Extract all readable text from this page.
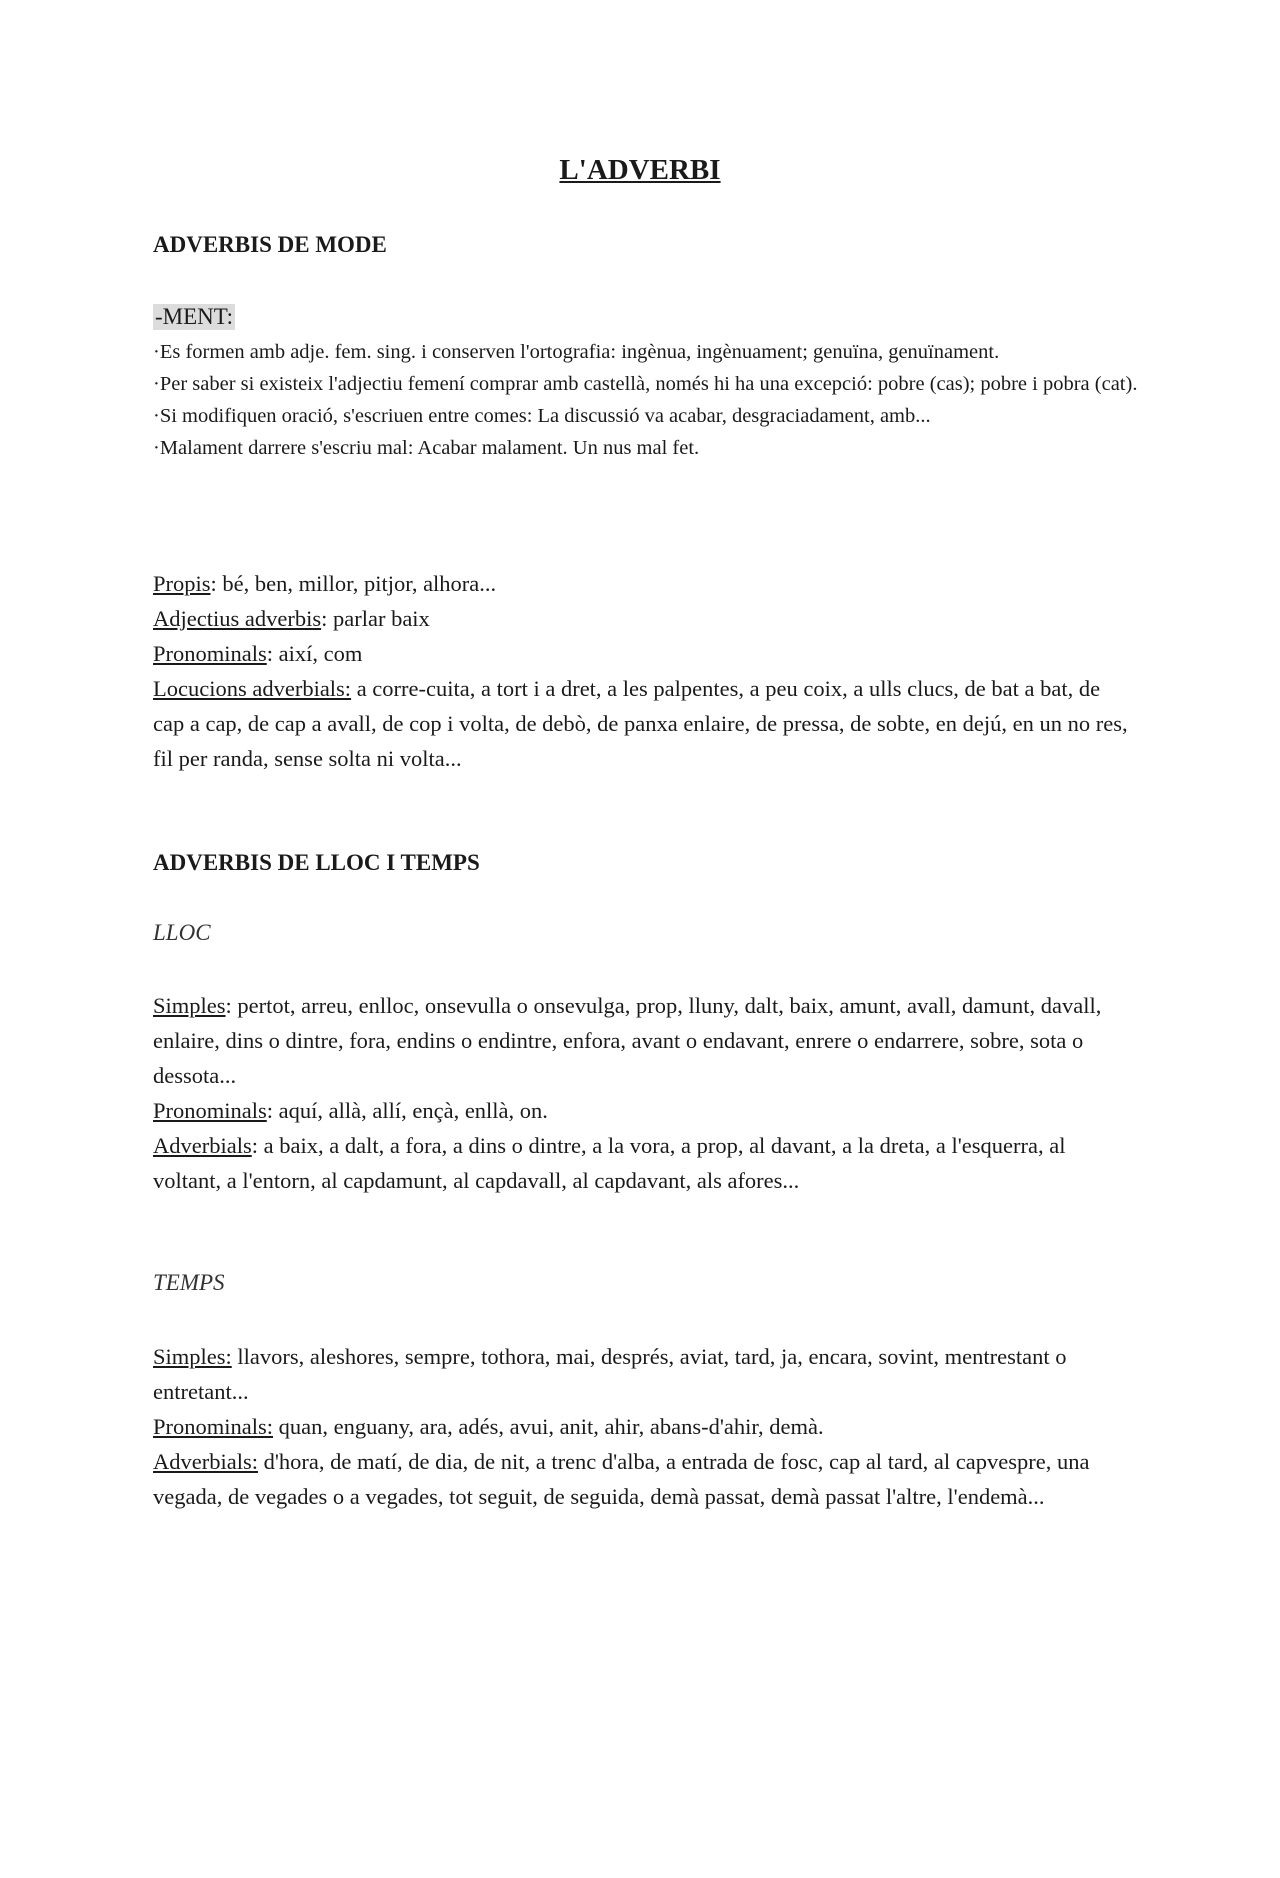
L'ADVERBI
ADVERBIS DE MODE
-MENT:

·Es formen amb adje. fem. sing. i conserven l'ortografia: ingènua, ingènuament; genuïna, genuïnament.

·Per saber si existeix l'adjectiu femení comprar amb castellà, només hi ha una excepció: pobre (cas); pobre i pobra (cat).

·Si modifiquen oració, s'escriuen entre comes: La discussió va acabar, desgraciadament, amb...

·Malament darrere s'escriu mal: Acabar malament. Un nus mal fet.

Propis: bé, ben, millor, pitjor, alhora...

Adjectius adverbis: parlar baix

Pronominals: així, com

Locucions adverbials: a corre-cuita, a tort i a dret, a les palpentes, a peu coix, a ulls clucs, de bat a bat, de cap a cap, de cap a avall, de cop i volta, de debò, de panxa enlaire, de pressa, de sobte, en dejú, en un no res, fil per randa, sense solta ni volta...

ADVERBIS DE LLOC I TEMPS
LLOC

Simples: pertot, arreu, enlloc, onsevulla o onsevulga, prop, lluny, dalt, baix, amunt, avall, damunt, davall, enlaire, dins o dintre, fora, endins o endintre, enfora, avant o endavant, enrere o endarrere, sobre, sota o dessota...

Pronominals: aquí, allà, allí, ençà, enllà, on.

Adverbials: a baix, a dalt, a fora, a dins o dintre, a la vora, a prop, al davant, a la dreta, a l'esquerra, al voltant, a l'entorn, al capdamunt, al capdavall, al capdavant, als afores...

TEMPS

Simples: llavors, aleshores, sempre, tothora, mai, després, aviat, tard, ja, encara, sovint, mentrestant o entretant...

Pronominals: quan, enguany, ara, adés, avui, anit, ahir, abans-d'ahir, demà.

Adverbials: d'hora, de matí, de dia, de nit, a trenc d'alba, a entrada de fosc, cap al tard, al capvespre, una vegada, de vegades o a vegades, tot seguit, de seguida, demà passat, demà passat l'altre, l'endemà...
